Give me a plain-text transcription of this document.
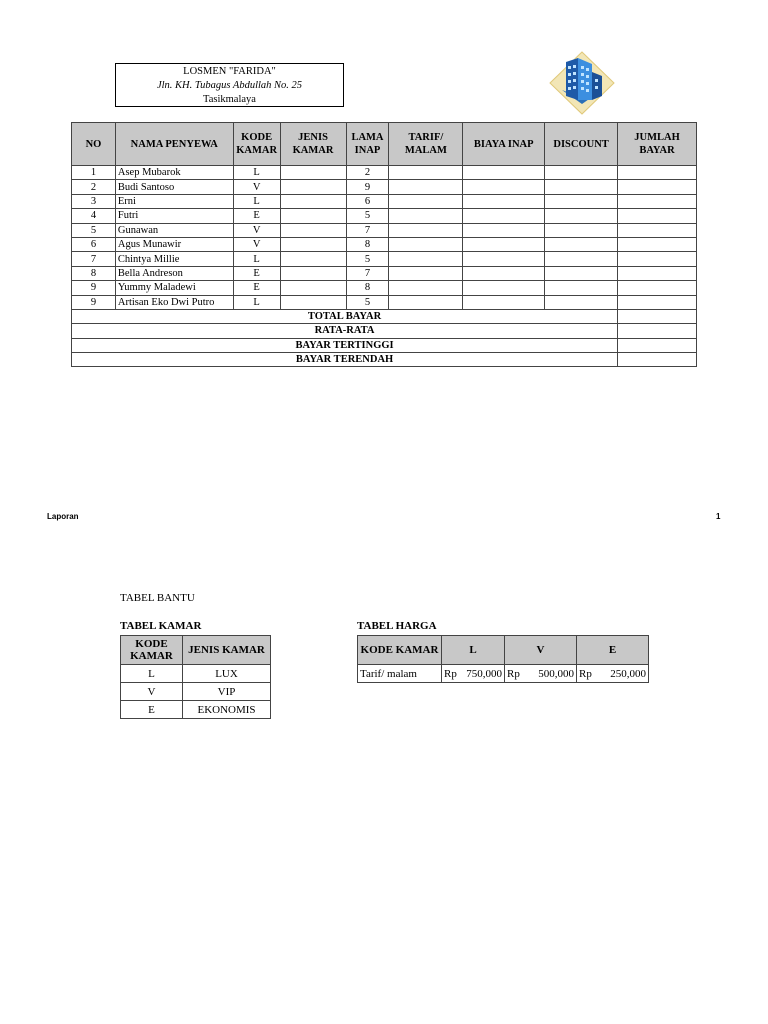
LOSMEN "FARIDA"
Jln. KH. Tubagus Abdullah No. 25
Tasikmalaya
NO	NAMA PENYEWA	KODE KAMAR	JENIS KAMAR	LAMA INAP	TARIF/ MALAM	BIAYA INAP	DISCOUNT	JUMLAH BAYAR
1	Asep Mubarok	L		2				
2	Budi Santoso	V		9				
3	Erni	L		6				
4	Futri	E		5				
5	Gunawan	V		7				
6	Agus Munawir	V		8				
7	Chintya Millie	L		5				
8	Bella Andreson	E		7				
9	Yummy Maladewi	E		8				
9	Artisan Eko Dwi Putro	L		5				
TOTAL BAYAR								
RATA-RATA								
BAYAR TERTINGGI								
BAYAR TERENDAH								
Laporan	1
TABEL BANTU
TABEL KAMAR	TABEL HARGA
KODE KAMAR	JENIS KAMAR
L	LUX
V	VIP
E	EKONOMIS
KODE KAMAR	L	V	E
Tarif/ malam	Rp 750,000	Rp 500,000	Rp 250,000
